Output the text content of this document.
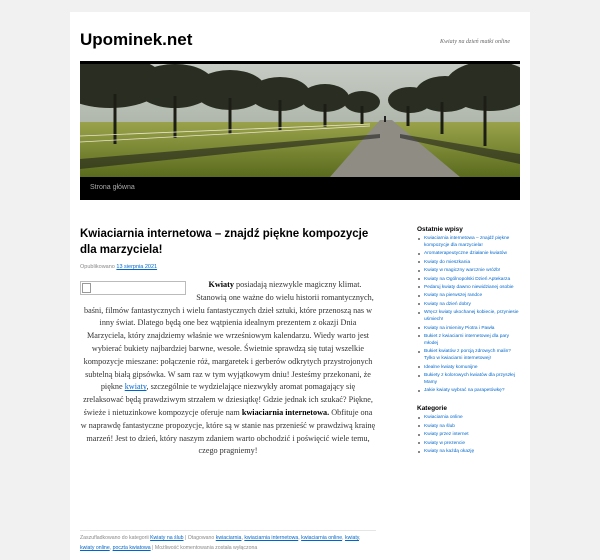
Upominek.net	Kwiaty na dzień matki online
Strona główna
Kwiaciarnia internetowa – znajdź piękne kompozycje dla marzyciela!
Opublikowano 13 sierpnia 2021
Kwiaty posiadają niezwykle magiczny klimat. Stanowią one ważne do wielu historii romantycznych, baśni, filmów fantastycznych i wielu fantastycznych dzieł sztuki, które przenoszą nas w inny świat. Dlatego będą one bez wątpienia idealnym prezentem z okazji Dnia Marzyciela, który znajdziemy właśnie we wrześniowym kalendarzu. Wiedy warto jest wybierać bukiety najbardziej barwne, wesołe. Świetnie sprawdzą się tutaj wszelkie kompozycje mieszane: połączenie róż, margaretek i gerberów odkrytych przystrojonych subtelną białą gipsówka. W sam raz w tym wyjątkowym dniu! Jesteśmy przekonani, że piękne kwiaty, szczególnie te wydzielające niezwykły aromat pomagający się zrelaksować będą prawdziwym strzałem w dziesiątkę! Gdzie jednak ich szukać? Piękne, świeże i nietuzinkowe kompozycje oferuje nam kwiaciarnia internetowa. Obfituje ona w naprawdę fantastyczne propozycje, które są w stanie nas przenieść w prawdziwą krainę marzeń! Jest to dzień, który naszym zdaniem warto obchodzić i poświęcić wiele temu, czego pragniemy!
Zaszufladkowano do kategorii Kwiaty na ślub | Otagowano kwiaciarnia, kwiaciarnia internetowa, kwiaciarnia online, kwiaty, kwiaty online, poczta kwiatowa | Możliwość komentowania została wyłączona
Ostatnie wpisy
Kwiaciarnia internetowa – znajdź piękne kompozycje dla marzyciela!
Aromaterapeutyczne działanie kwiatów
Kwiaty do mieszkania
Kwiaty w magiczny warcznie wróżb!
Kwiaty na Ogólnopolski Dzień Aptekarza
Pedaruj kwiaty dawno niewidzianej osobie
Kwiaty na pierwszej randce
Kwiaty na dzień dobry
Wręcz kwiaty ukochanej kobiecie, przyniesie uśmiech!
Kwiaty na imieniny Piotra i Pawła
Bukiet z kwiaciarni internetowej dla pary młodej
Bukiet kwiatów z porcją zdrowych malin? Tylko w kwiaciarni internetowej!
Idealne kwiaty komunijne
Bukiety z kolorowych kwiatów dla przyszłej Mamy
Jakie kwiaty wybrać na parapetówkę?
Kategorie
Kwiaciarnia online
Kwiaty na ślub
Kwiaty przez internet
Kwiaty w prezencie
Kwiaty na każdą okazję
